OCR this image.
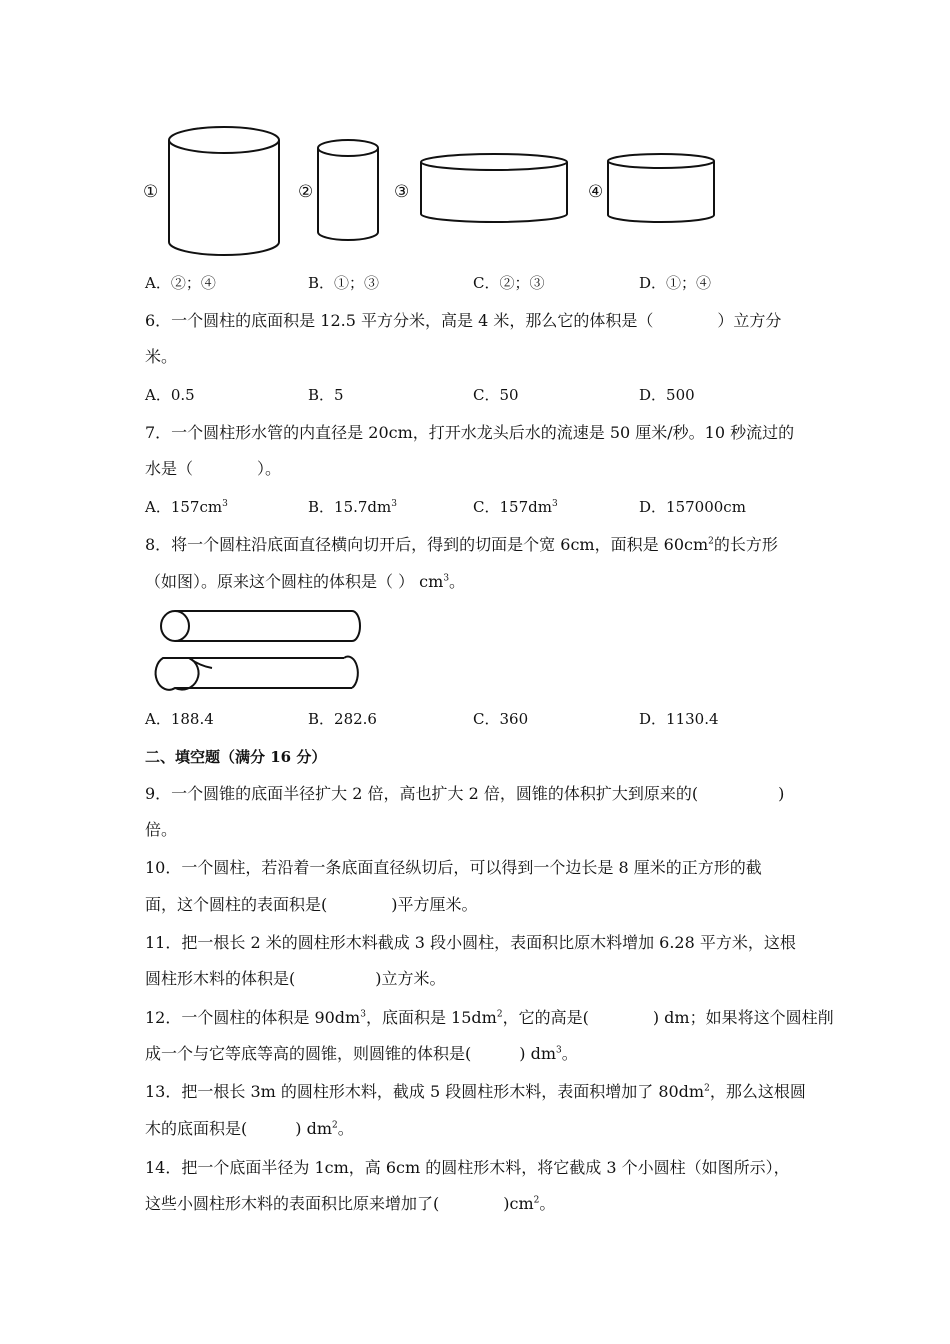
①	②	③	④
A．②；④	B．①；③	C．②；③	D．①；④
6．一个圆柱的底面积是 12.5 平方分米，高是 4 米，那么它的体积是（　　　　）立方分
米。
A．0.5	B．5	C．50	D．500
7．一个圆柱形水管的内直径是 20cm，打开水龙头后水的流速是 50 厘米/秒。10 秒流过的
水是（　　　　）。
A．$157cm^3$	B．$15.7dm^3$	C．$157dm^3$	D．157000cm
8．将一个圆柱沿底面直径横向切开后，得到的切面是个宽 6cm，面积是 $60cm^2$的长方形
（如图）。原来这个圆柱的体积是（ ） $cm^3$。
A．188.4	B．282.6	C．360	D．1130.4
二、填空题（满分 16 分）
9．一个圆锥的底面半径扩大 2 倍，高也扩大 2 倍，圆锥的体积扩大到原来的(　　　　　)
倍。
10．一个圆柱，若沿着一条底面直径纵切后，可以得到一个边长是 8 厘米的正方形的截
面，这个圆柱的表面积是(　　　　)平方厘米。
11．把一根长 2 米的圆柱形木料截成 3 段小圆柱，表面积比原木料增加 6.28 平方米，这根
圆柱形木料的体积是(　　　　　)立方米。
12．一个圆柱的体积是 $90dm^3$，底面积是 $15dm^2$，它的高是(　　　　) dm；如果将这个圆柱削
成一个与它等底等高的圆锥，则圆锥的体积是(　　　) $dm^3$。
13．把一根长 3m 的圆柱形木料，截成 5 段圆柱形木料，表面积增加了 $80dm^2$，那么这根圆
木的底面积是(　　　) $dm^2$。
14．把一个底面半径为 1cm，高 6cm 的圆柱形木料，将它截成 3 个小圆柱（如图所示），
这些小圆柱形木料的表面积比原来增加了(　　　　)$cm^2$。
